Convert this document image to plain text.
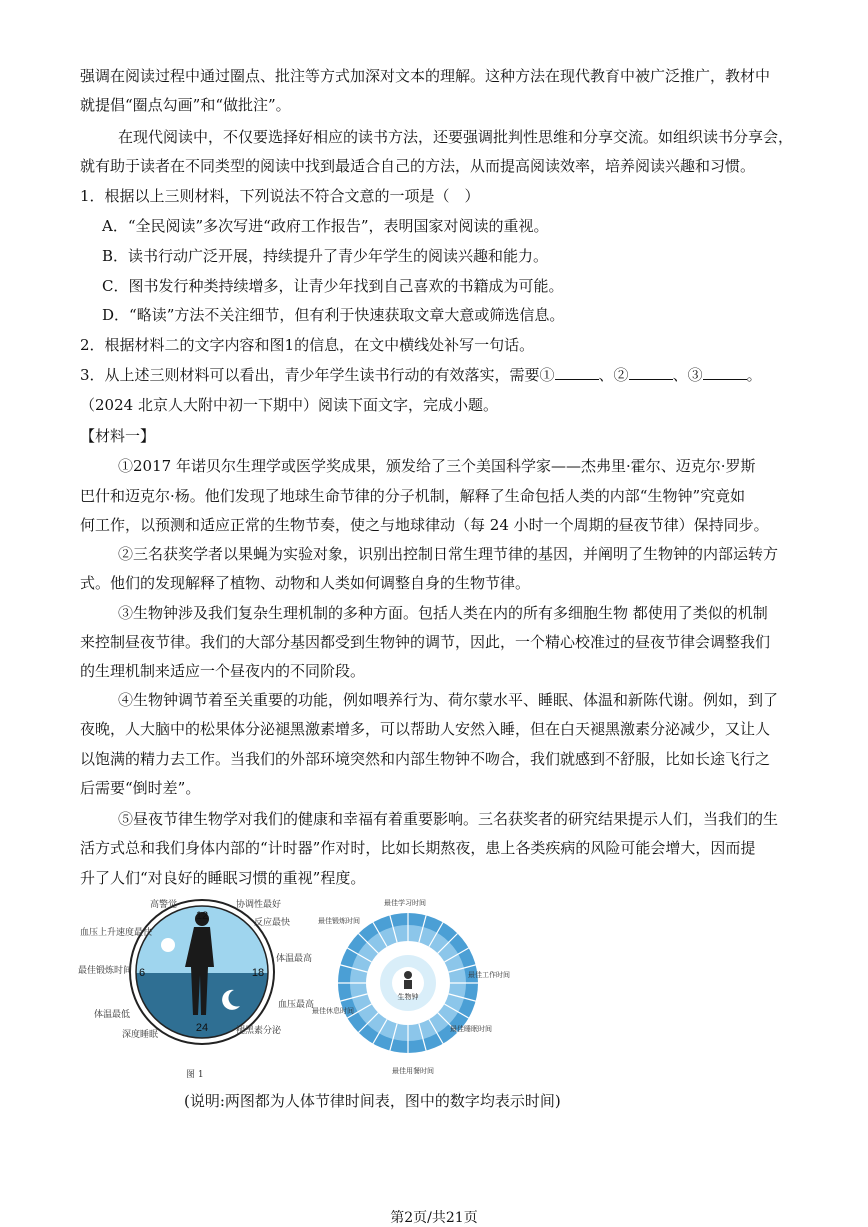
强调在阅读过程中通过圈点、批注等方式加深对文本的理解。这种方法在现代教育中被广泛推广，教材中
就提倡“圈点勾画”和“做批注”。
在现代阅读中，不仅要选择好相应的读书方法，还要强调批判性思维和分享交流。如组织读书分享会，
就有助于读者在不同类型的阅读中找到最适合自己的方法，从而提高阅读效率，培养阅读兴趣和习惯。
1．根据以上三则材料，下列说法不符合文意的一项是（　）
A．“全民阅读”多次写进“政府工作报告”，表明国家对阅读的重视。
B．读书行动广泛开展，持续提升了青少年学生的阅读兴趣和能力。
C．图书发行种类持续增多，让青少年找到自己喜欢的书籍成为可能。
D．“略读”方法不关注细节，但有利于快速获取文章大意或筛选信息。
2．根据材料二的文字内容和图1的信息，在文中横线处补写一句话。
3．从上述三则材料可以看出，青少年学生读书行动的有效落实，需要①	、②	、③	。
（2024 北京人大附中初一下期中）阅读下面文字，完成小题。
【材料一】
①2017 年诺贝尔生理学或医学奖成果，颁发给了三个美国科学家——杰弗里·霍尔、迈克尔·罗斯
巴什和迈克尔·杨。他们发现了地球生命节律的分子机制，解释了生命包括人类的内部“生物钟”究竟如
何工作，以预测和适应正常的生物节奏，使之与地球律动（每 24 小时一个周期的昼夜节律）保持同步。
②三名获奖学者以果蝇为实验对象，识别出控制日常生理节律的基因，并阐明了生物钟的内部运转方
式。他们的发现解释了植物、动物和人类如何调整自身的生物节律。
③生物钟涉及我们复杂生理机制的多种方面。包括人类在内的所有多细胞生物 都使用了类似的机制
来控制昼夜节律。我们的大部分基因都受到生物钟的调节，因此，一个精心校准过的昼夜节律会调整我们
的生理机制来适应一个昼夜内的不同阶段。
④生物钟调节着至关重要的功能，例如喂养行为、荷尔蒙水平、睡眠、体温和新陈代谢。例如，到了
夜晚，人大脑中的松果体分泌褪黑激素增多，可以帮助人安然入睡，但在白天褪黑激素分泌减少，又让人
以饱满的精力去工作。当我们的外部环境突然和内部生物钟不吻合，我们就感到不舒服，比如长途飞行之
后需要“倒时差”。
⑤昼夜节律生物学对我们的健康和幸福有着重要影响。三名获奖者的研究结果提示人们，当我们的生
活方式总和我们身体内部的“计时器”作对时，比如长期熬夜，患上各类疾病的风险可能会增大，因而提
升了人们“对良好的睡眠习惯的重视”程度。
12
6	18
24
高警觉	协调性最好
反应最快
血压上升速度最快
体温最高
最佳锻炼时间
血压最高
体温最低
深度睡眠	褪黑素分泌
图 1
生物钟
最佳学习时间
最佳锻炼时间
最佳工作时间
最佳休息时间
最佳睡眠时间
最佳用餐时间
(说明:两图都为人体节律时间表，图中的数字均表示时间)
第2页/共21页
